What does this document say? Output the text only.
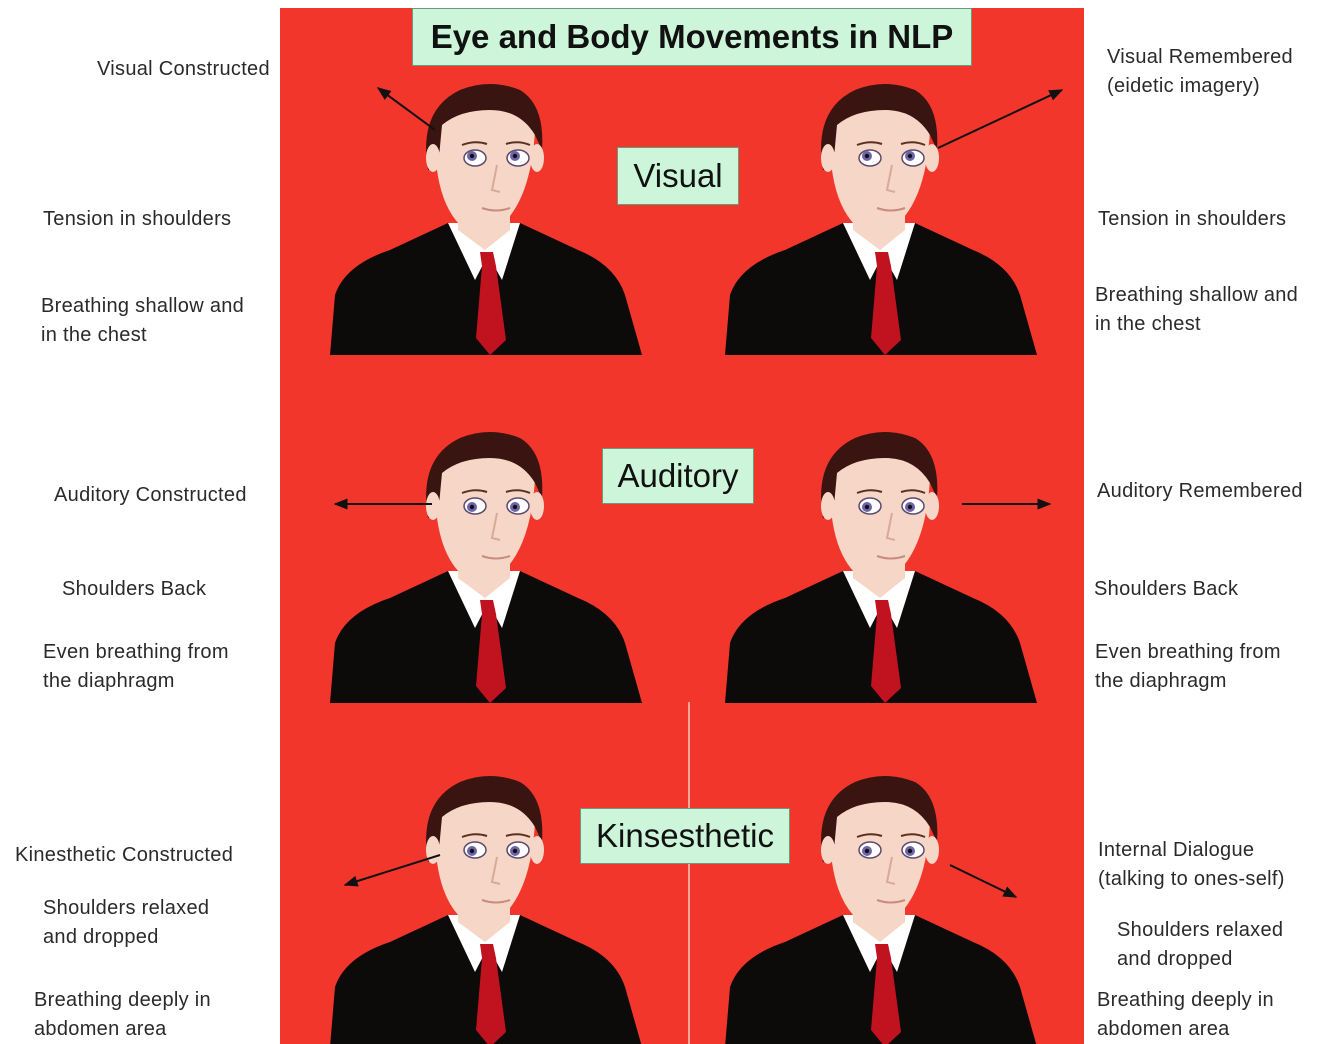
Eye and Body Movements in NLP
Visual
Auditory
Kinsesthetic
Visual Constructed
Tension in shoulders
Breathing shallow and in the chest
Auditory Constructed
Shoulders Back
Even breathing from the diaphragm
Kinesthetic Constructed
Shoulders relaxed and dropped
Breathing deeply in abdomen area
Visual Remembered (eidetic imagery)
Tension in shoulders
Breathing shallow and in the chest
Auditory Remembered
Shoulders Back
Even breathing from the diaphragm
Internal Dialogue (talking to ones-self)
Shoulders relaxed and dropped
Breathing deeply in abdomen area
